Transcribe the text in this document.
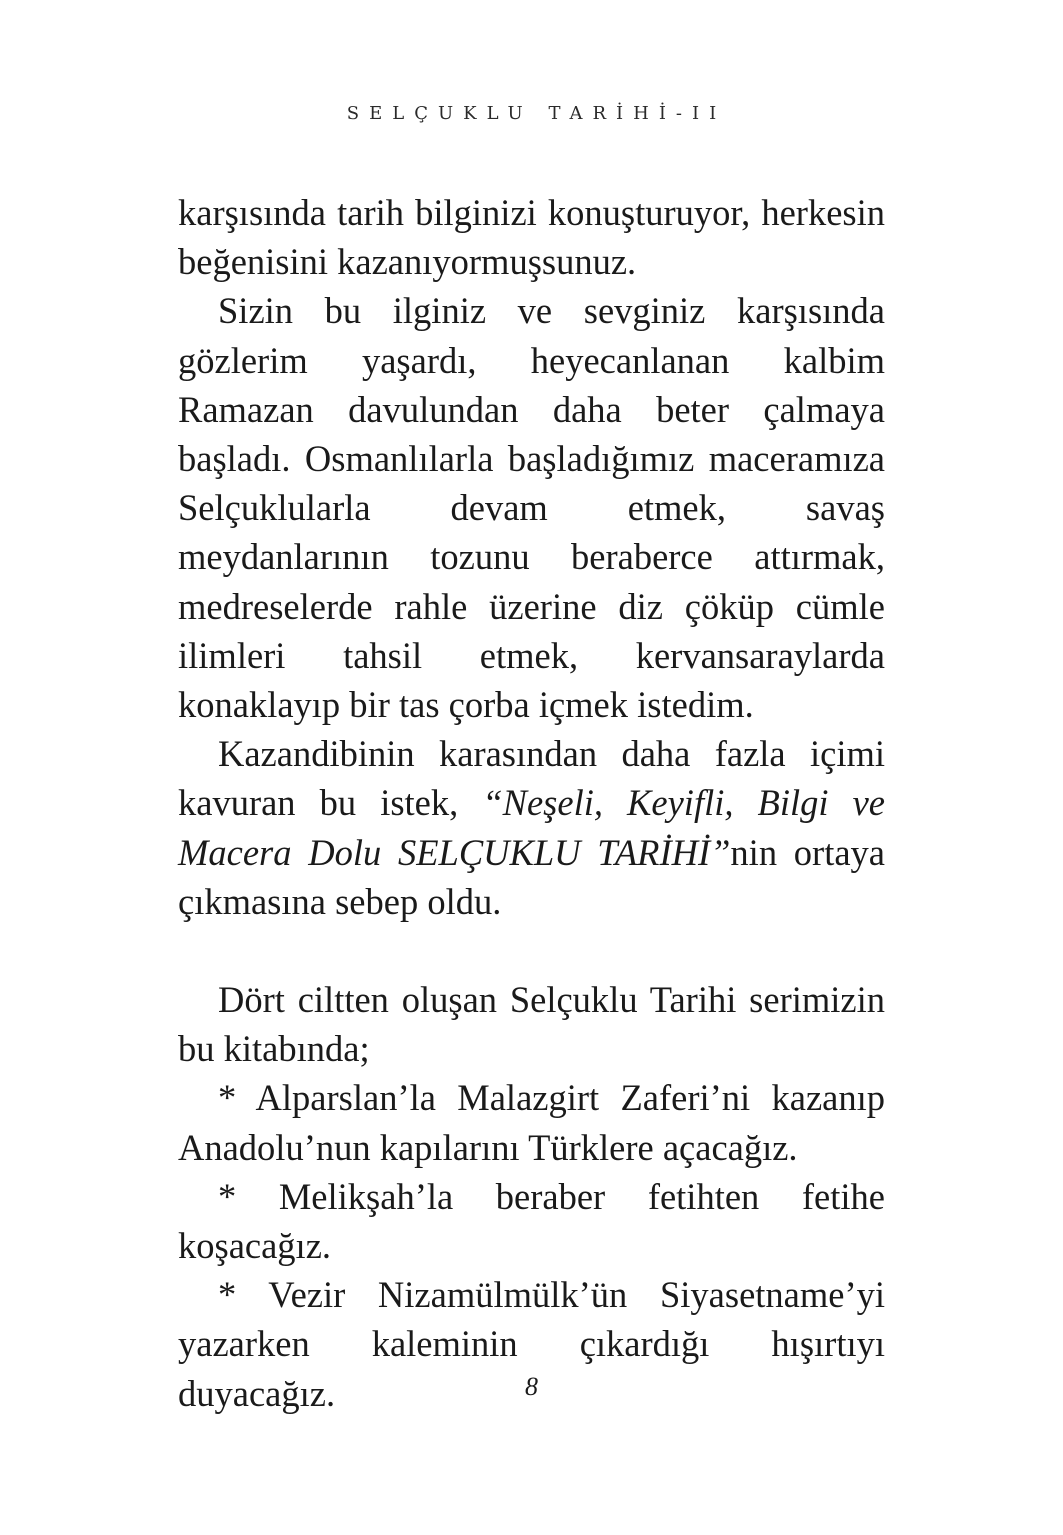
SELÇUKLU TARİHİ-II

karşısında tarih bilginizi konuşturuyor, herkesin beğenisini kazanıyormuşsunuz.

Sizin bu ilginiz ve sevginiz karşısında gözlerim yaşardı, heyecanlanan kalbim Ramazan davulundan daha beter çalmaya başladı. Osmanlılarla başladığımız maceramıza Selçuklularla devam etmek, savaş meydanlarının tozunu beraberce attırmak, medreselerde rahle üzerine diz çöküp cümle ilimleri tahsil etmek, kervansaraylarda konaklayıp bir tas çorba içmek istedim.

Kazandibinin karasından daha fazla içimi kavuran bu istek, “Neşeli, Keyifli, Bilgi ve Macera Dolu SELÇUKLU TARİHİ”nin ortaya çıkmasına sebep oldu.

Dört ciltten oluşan Selçuklu Tarihi serimizin bu kitabında;

* Alparslan’la Malazgirt Zaferi’ni kazanıp Anadolu’nun kapılarını Türklere açacağız.

* Melikşah’la beraber fetihten fetihe koşacağız.

* Vezir Nizamülmülk’ün Siyasetname’yi yazarken kaleminin çıkardığı hışırtıyı duyacağız.	8
